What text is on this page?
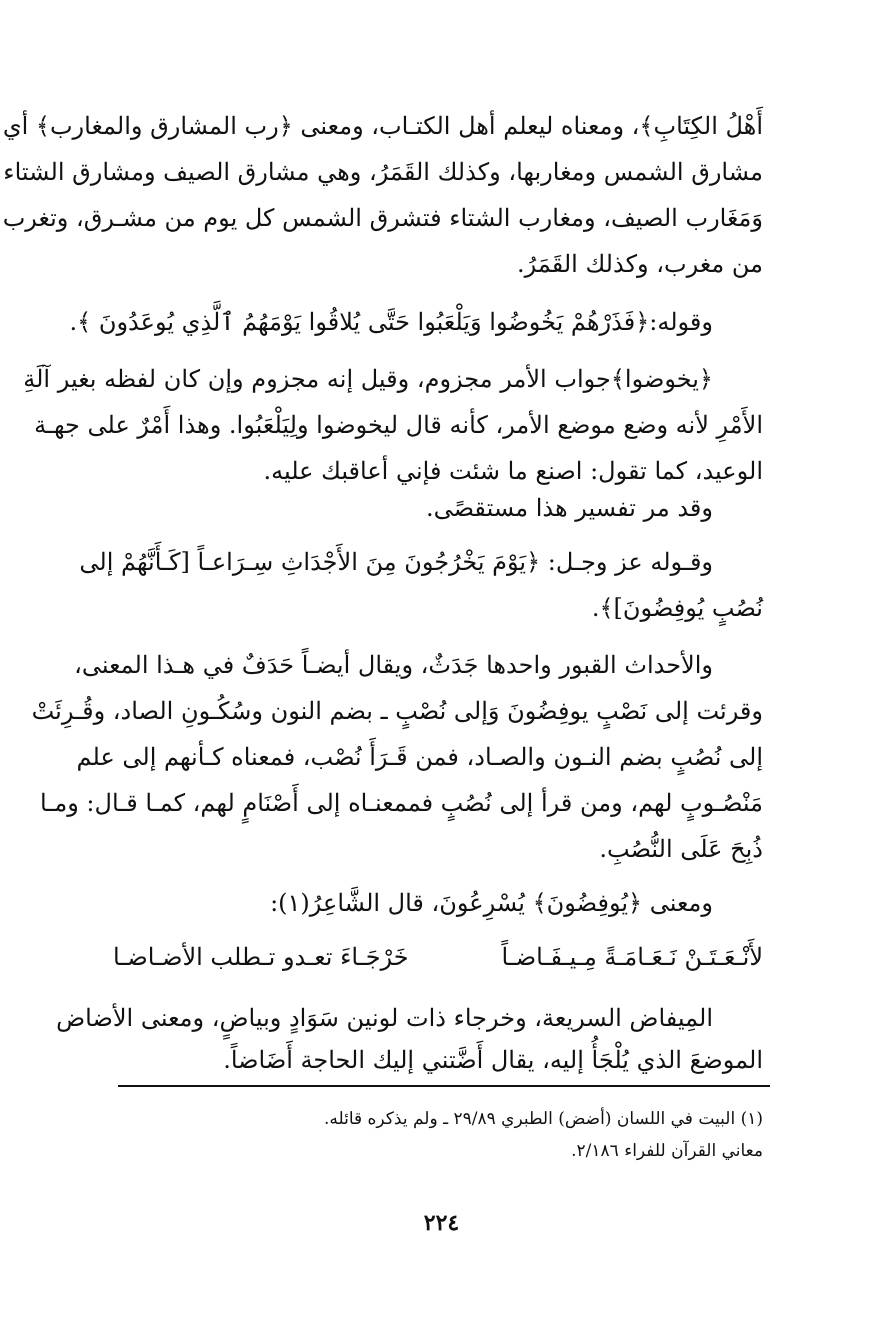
أَهْلُ الكِتَابِ﴾، ومعناه ليعلم أهل الكتـاب، ومعنى ﴿رب المشارق والمغارب﴾ أي
مشارق الشمس ومغاربها، وكذلك القَمَرُ، وهي مشارق الصيف ومشارق الشتاء
وَمَغَارب الصيف، ومغارب الشتاء فتشرق الشمس كل يوم من مشـرق، وتغرب
من مغرب، وكذلك القَمَرُ.
وقوله:﴿فَذَرْهُمْ يَخُوضُوا وَيَلْعَبُوا حَتَّى يُلاقُوا يَوْمَهُمُ ٱلَّذِي يُوعَدُونَ ﴾.
﴿يخوضوا﴾جواب الأمر مجزوم، وقيل إنه مجزوم وإن كان لفظه بغير آلَةِ
الأَمْرِ لأنه وضع موضع الأمر، كأنه قال ليخوضوا ولِيَلْعَبُوا. وهذا أَمْرٌ على جهـة
الوعيد، كما تقول: اصنع ما شئت فإني أعاقبك عليه.
وقد مر تفسير هذا مستقصًى.
وقـوله عز وجـل: ﴿يَوْمَ يَخْرُجُونَ مِنَ الأَجْدَاثِ سِـرَاعـاً [كَـأَنَّهُمْ إلى
نُصُبٍ يُوفِضُونَ]﴾.
والأحداث القبور واحدها جَدَثٌ، ويقال أيضـاً حَدَفٌ في هـذا المعنى،
وقرئت إلى نَصْبٍ يوفِضُونَ وَإلى نُصْبٍ ـ بضم النون وسُكُـونِ الصاد، وقُـرِئَتْ
إلى نُصُبٍ بضم النـون والصـاد، فمن قَـرَأَ نُصْب، فمعناه كـأنهم إلى علم
مَنْصُـوبٍ لهم، ومن قرأ إلى نُصُبٍ فممعنـاه إلى أَصْنَامٍ لهم، كمـا قـال: ومـا
ذُبِحَ عَلَى النُّصُبِ.
ومعنى ﴿يُوفِضُونَ﴾ يُسْرِعُونَ، قال الشَّاعِرُ(١):
لأَنْـعَـتَـنْ نَـعَـامَـةً مِـيـفَـاضـاً
خَرْجَـاءَ تعـدو تـطلب الأضـاضـا
المِيفاض السريعة، وخرجاء ذات لونين سَوَادٍ وبياضٍ، ومعنى الأضاض
الموضعَ الذي يُلْجَأُ إليه، يقال أَضَّتني إليك الحاجة أَضَاضاً.
(١) البيت في اللسان (أضض) الطبري ٢٩/٨٩ ـ ولم يذكره قائله.
معاني القرآن للفراء ٢/١٨٦.
٢٢٤
